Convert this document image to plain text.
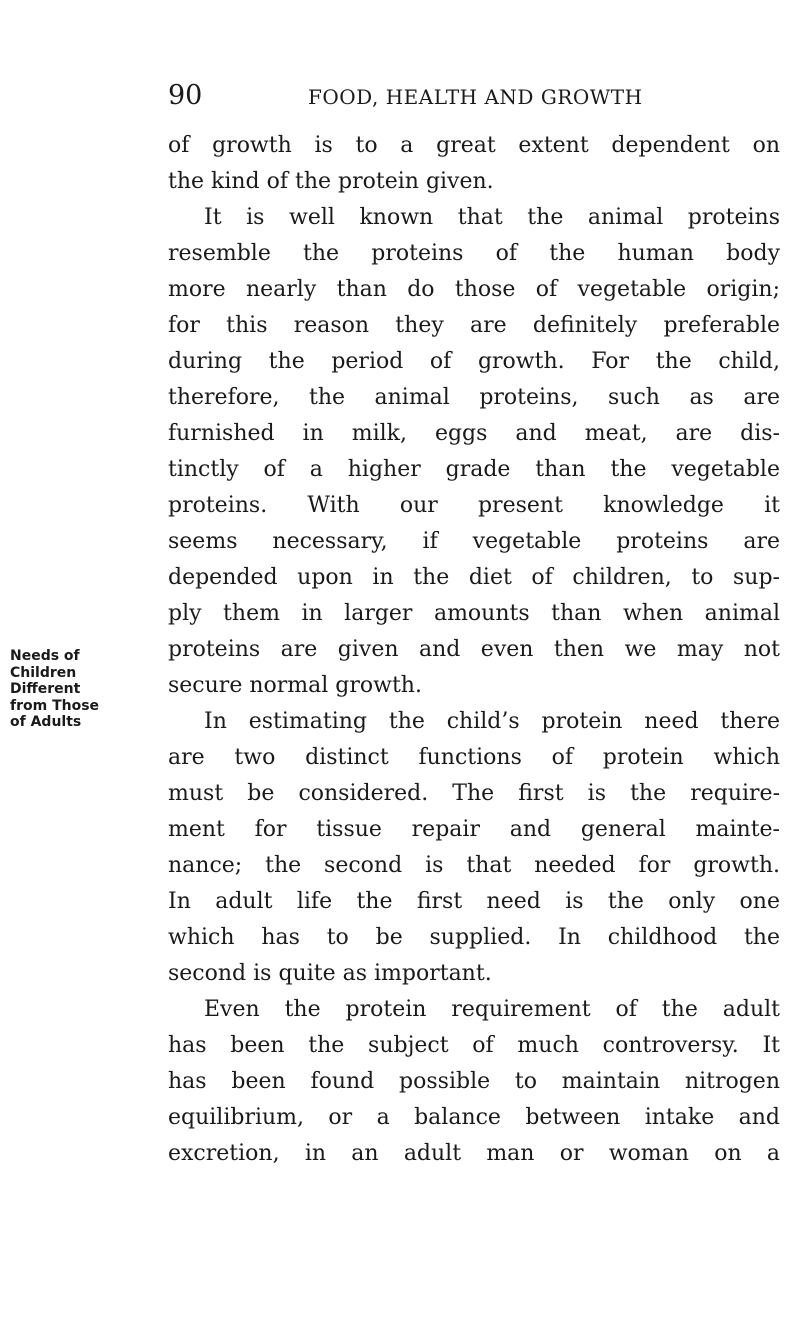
90	FOOD, HEALTH AND GROWTH
Needs of
Children
Different
from Those
of Adults
of growth is to a great extent dependent on
the kind of the protein given.
It is well known that the animal proteins
resemble the proteins of the human body
more nearly than do those of vegetable origin;
for this reason they are definitely preferable
during the period of growth. For the child,
therefore, the animal proteins, such as are
furnished in milk, eggs and meat, are dis-
tinctly of a higher grade than the vegetable
proteins. With our present knowledge it
seems necessary, if vegetable proteins are
depended upon in the diet of children, to sup-
ply them in larger amounts than when animal
proteins are given and even then we may not
secure normal growth.
In estimating the child’s protein need there
are two distinct functions of protein which
must be considered. The first is the require-
ment for tissue repair and general mainte-
nance; the second is that needed for growth.
In adult life the first need is the only one
which has to be supplied. In childhood the
second is quite as important.
Even the protein requirement of the adult
has been the subject of much controversy. It
has been found possible to maintain nitrogen
equilibrium, or a balance between intake and
excretion, in an adult man or woman on a
